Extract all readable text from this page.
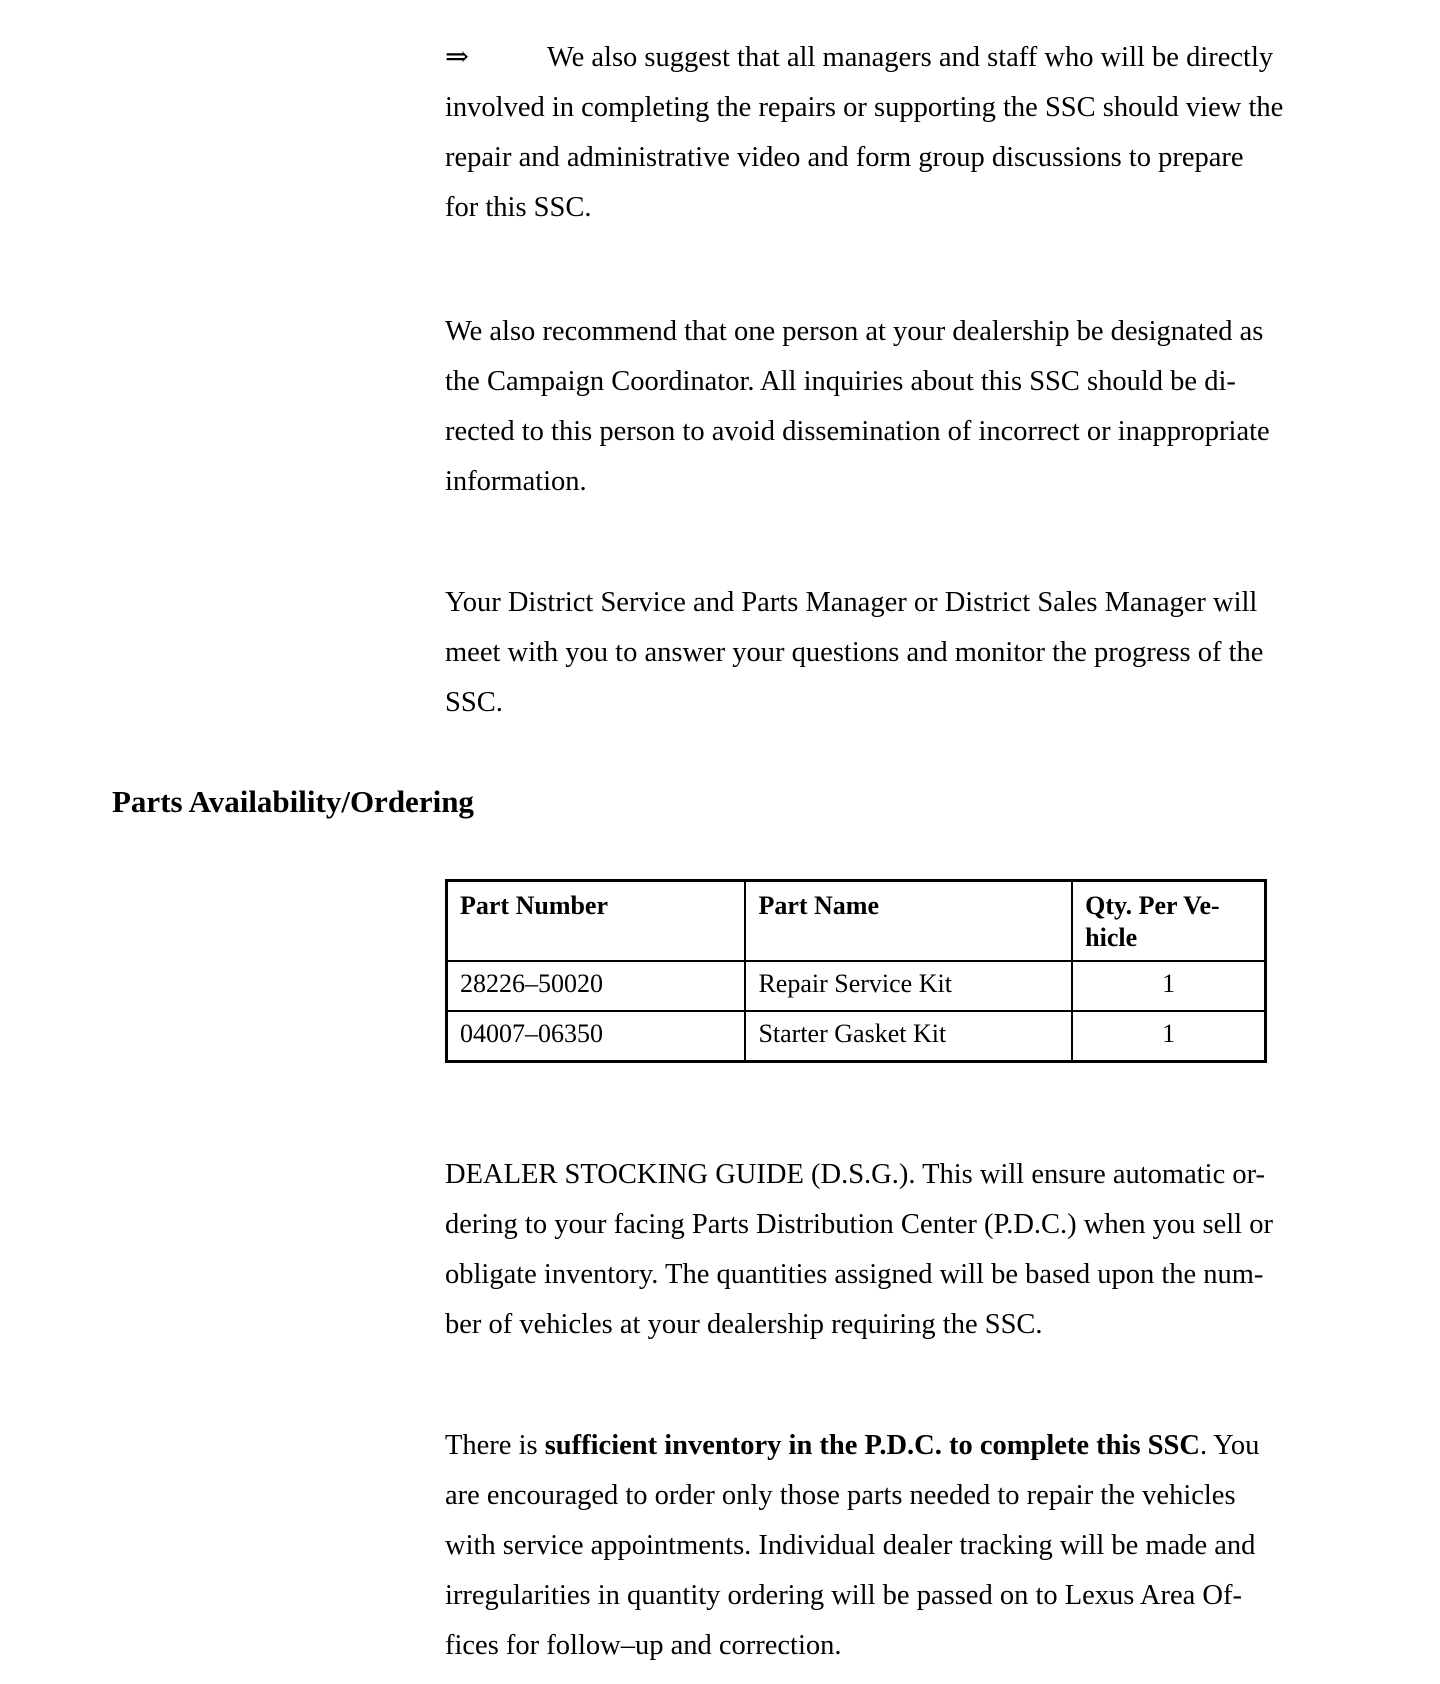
⇒	We also suggest that all managers and staff who will be directly
involved in completing the repairs or supporting the SSC should view the
repair and administrative video and form group discussions to prepare
for this SSC.
We also recommend that one person at your dealership be designated as
the Campaign Coordinator. All inquiries about this SSC should be di-
rected to this person to avoid dissemination of incorrect or inappropriate
information.
Your District Service and Parts Manager or District Sales Manager will
meet with you to answer your questions and monitor the progress of the
SSC.
Parts Availability/Ordering
Part Number	Part Name	Qty. Per Ve-
hicle
28226–50020	Repair Service Kit	1
04007–06350	Starter Gasket Kit	1
DEALER STOCKING GUIDE (D.S.G.). This will ensure automatic or-
dering to your facing Parts Distribution Center (P.D.C.) when you sell or
obligate inventory. The quantities assigned will be based upon the num-
ber of vehicles at your dealership requiring the SSC.
There is sufficient inventory in the P.D.C. to complete this SSC. You
are encouraged to order only those parts needed to repair the vehicles
with service appointments. Individual dealer tracking will be made and
irregularities in quantity ordering will be passed on to Lexus Area Of-
fices for follow–up and correction.
